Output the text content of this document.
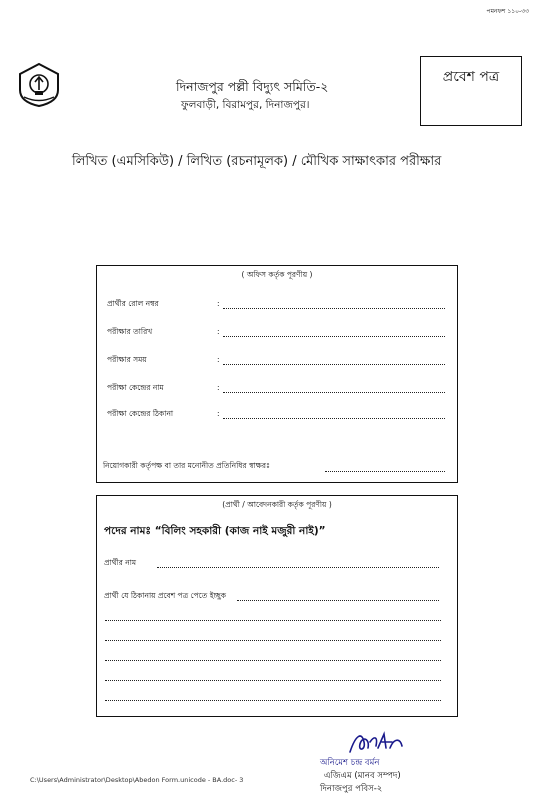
পমনফশ ১১০-৩৩
দিনাজপুর পল্লী বিদ্যুৎ সমিতি-২
ফুলবাড়ী, বিরামপুর, দিনাজপুর।
প্রবেশ পত্র
লিখিত (এমসিকিউ) / লিখিত (রচনামূলক) / মৌখিক সাক্ষাৎকার পরীক্ষার
( অফিস কর্তৃক পূরণীয় )
প্রার্থীর রোল নম্বর	:
পরীক্ষার তারিখ	:
পরীক্ষার সময়	:
পরীক্ষা কেন্দ্রের নাম	:
পরীক্ষা কেন্দ্রের ঠিকানা	:
নিয়োগকারী কর্তৃপক্ষ বা তার মনোনীত প্রতিনিধির স্বাক্ষরঃ
(প্রার্থী / আবেদনকারী কর্তৃক পূরণীয় )
পদের নামঃ “বিলিং সহকারী (কাজ নাই মজুরী নাই)”
প্রার্থীর নাম
প্রার্থী যে ঠিকানায় প্রবেশ পত্র পেতে ইচ্ছুক
অনিমেশ চন্দ্র বর্মন
এজিএম (মানব সম্পদ)
দিনাজপুর পবিস-২
C:\Users\Administrator\Desktop\Abedon Form.unicode - BA.doc- 3
